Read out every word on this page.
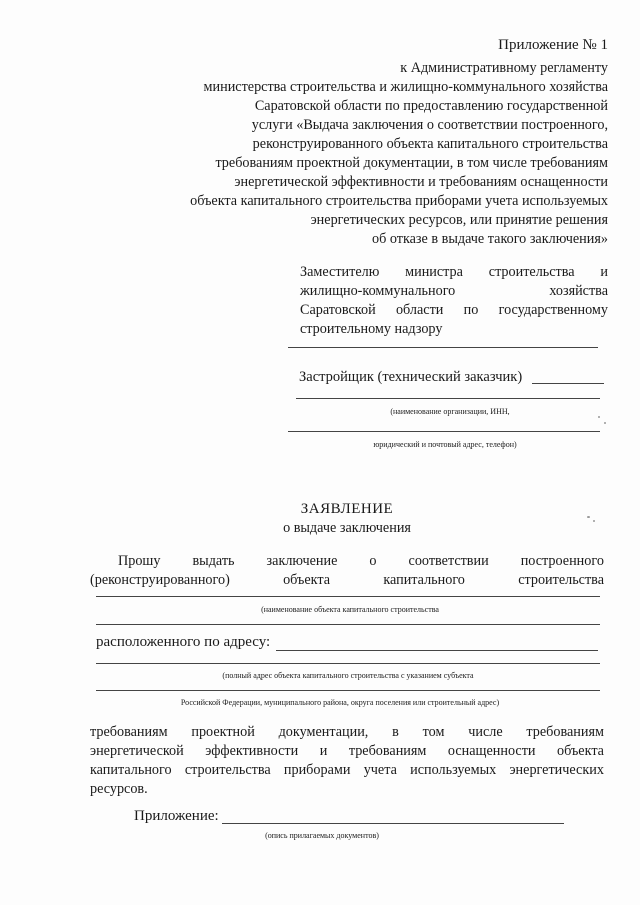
Приложение № 1
к Административному регламенту
министерства строительства и жилищно-коммунального хозяйства
Саратовской области по предоставлению государственной
услуги «Выдача заключения о соответствии построенного,
реконструированного объекта капитального строительства
требованиям проектной документации, в том числе требованиям
энергетической эффективности и требованиям оснащенности
объекта капитального строительства приборами учета используемых
энергетических ресурсов, или принятие решения
об отказе в выдаче такого заключения»
Заместителю министра строительства и
жилищно-коммунального	хозяйства
Саратовской области по государственному
строительному надзору
Застройщик (технический заказчик)
(наименование организации, ИНН,
юридический и почтовый адрес, телефон)
ЗАЯВЛЕНИЕ
о выдаче заключения
Прошу выдать заключение о соответствии построенного
(реконструированного)	объекта	капитального	строительства
(наименование объекта капитального строительства
расположенного по адресу:
(полный адрес объекта капитального строительства с указанием субъекта
Российской Федерации, муниципального района, округа поселения или строительный адрес)
требованиям проектной документации, в том числе требованиям
энергетической эффективности и требованиям оснащенности объекта
капитального строительства приборами учета используемых энергетических
ресурсов.
Приложение:
(опись прилагаемых документов)
